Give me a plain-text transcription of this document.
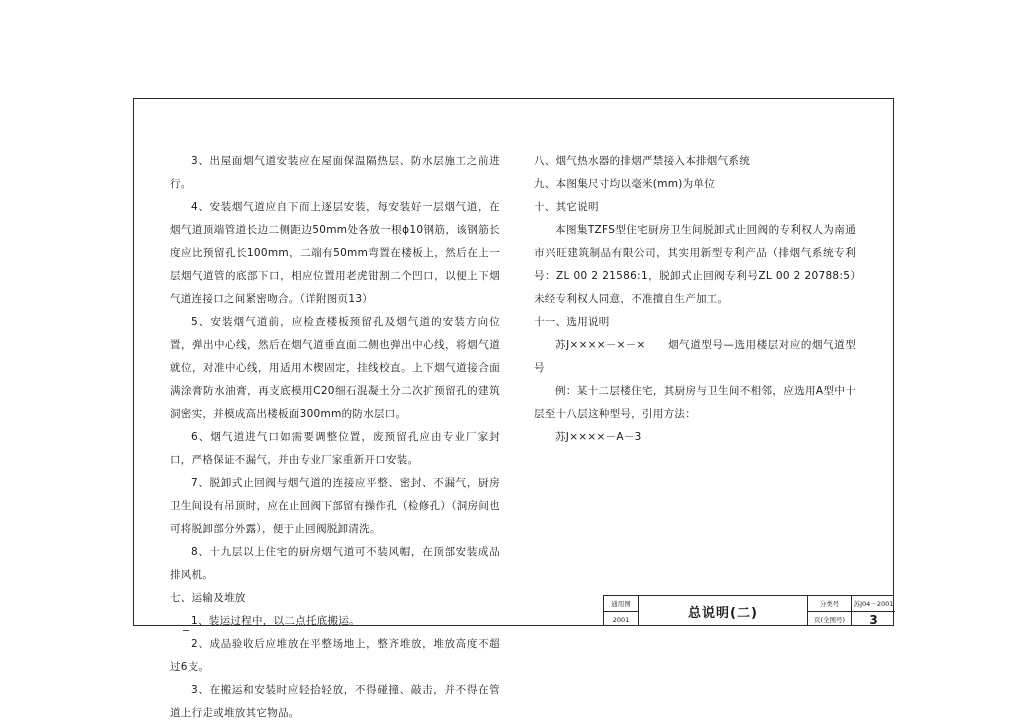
3、出屋面烟气道安装应在屋面保温隔热层、防水层施工之前进行。

4、安装烟气道应自下而上逐层安装，每安装好一层烟气道，在烟气道顶端管道长边二侧距边50mm处各放一根ϕ10钢筋，该钢筋长度应比预留孔长100mm，二端有50mm弯置在楼板上，然后在上一层烟气道管的底部下口，相应位置用老虎钳割二个凹口，以便上下烟气道连接口之间紧密吻合。（详附图页13）

5、安装烟气道前，应检查楼板预留孔及烟气道的安装方向位置，弹出中心线，然后在烟气道垂直面二侧也弹出中心线，将烟气道就位，对准中心线，用适用木楔固定，挂线校直。上下烟气道接合面满涂膏防水油膏，再支底模用C20细石混凝土分二次扩预留孔的建筑洞密实，并模成高出楼板面300mm的防水层口。

6、烟气道进气口如需要调整位置，废预留孔应由专业厂家封口，严格保证不漏气，并由专业厂家重新开口安装。

7、脱卸式止回阀与烟气道的连接应平整、密封、不漏气，厨房卫生间设有吊顶时，应在止回阀下部留有操作孔（检修孔）（洞房间也可将脱卸部分外露），便于止回阀脱卸清洗。

8、十九层以上住宅的厨房烟气道可不装风帽，在顶部安装成品排风机。

七、运输及堆放

1、装运过程中，以二点托底搬运。

2、成品验收后应堆放在平整场地上，整齐堆放，堆放高度不超过6支。

3、在搬运和安装时应轻拾轻放，不得碰撞、敲击，并不得在管道上行走或堆放其它物品。

八、烟气热水器的排烟严禁接入本排烟气系统

九、本图集尺寸均以毫米(mm)为单位

十、其它说明

本图集TZFS型住宅厨房卫生间脱卸式止回阀的专利权人为南通市兴旺建筑制品有限公司，其实用新型专利产品（排烟气系统专利号：ZL 00 2 21586:1，脱卸式止回阀专利号ZL 00 2 20788:5）未经专利权人同意，不准擅自生产加工。

十一、选用说明

苏J××××－×－×　　烟气道型号—选用楼层对应的烟气道型号

例：某十二层楼住宅，其厨房与卫生间不相邻，应选用A型中十层至十八层这种型号，引用方法：

苏J××××－A－3

通用图
2001	总说明(二)
分类号	苏J04－2001
页(全图号)	3
